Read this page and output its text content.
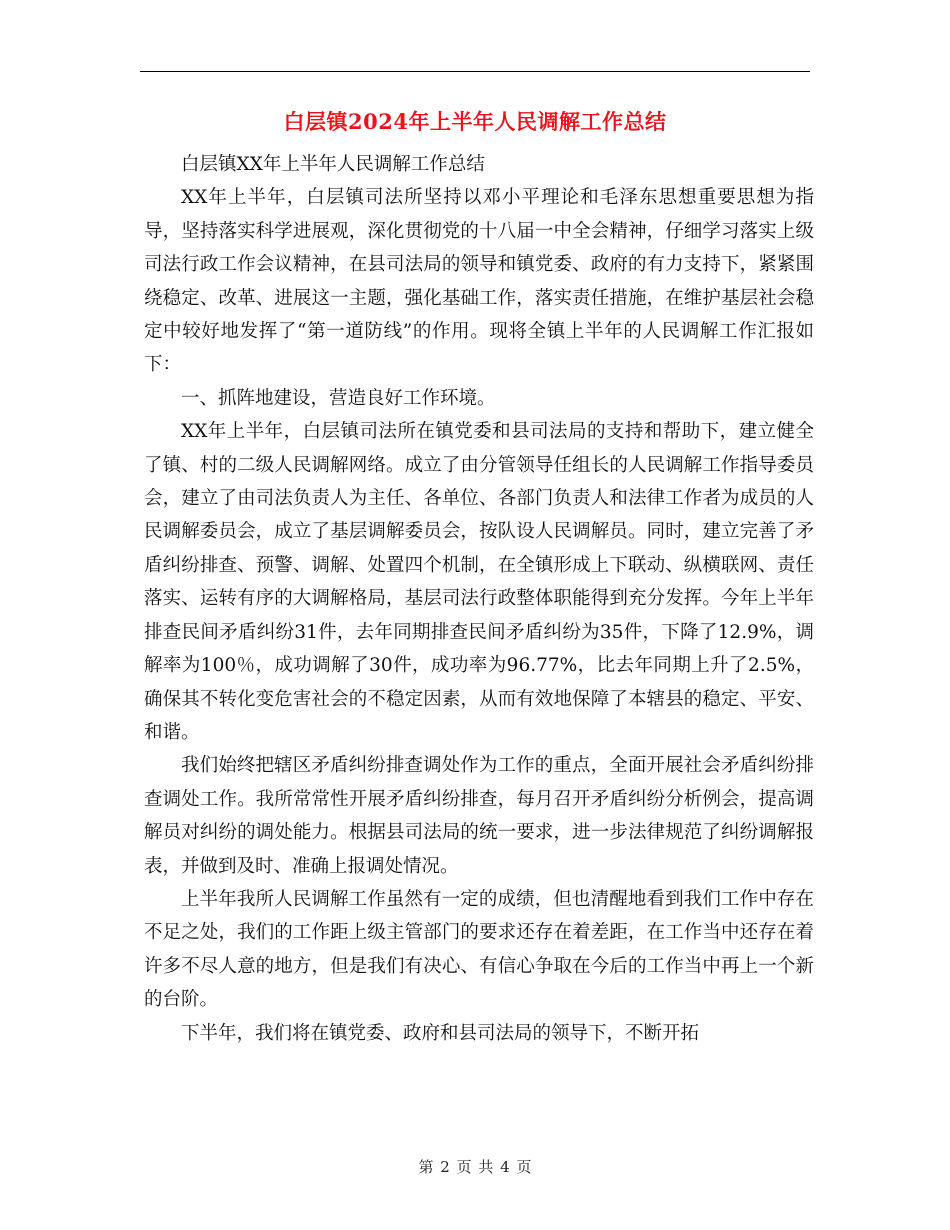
白层镇2024年上半年人民调解工作总结

白层镇XX年上半年人民调解工作总结

XX年上半年，白层镇司法所坚持以邓小平理论和毛泽东思想重要思想为指导，坚持落实科学进展观，深化贯彻党的十八届一中全会精神，仔细学习落实上级司法行政工作会议精神，在县司法局的领导和镇党委、政府的有力支持下，紧紧围绕稳定、改革、进展这一主题，强化基础工作，落实责任措施，在维护基层社会稳定中较好地发挥了“第一道防线”的作用。现将全镇上半年的人民调解工作汇报如下：

一、抓阵地建设，营造良好工作环境。

XX年上半年，白层镇司法所在镇党委和县司法局的支持和帮助下，建立健全了镇、村的二级人民调解网络。成立了由分管领导任组长的人民调解工作指导委员会，建立了由司法负责人为主任、各单位、各部门负责人和法律工作者为成员的人民调解委员会，成立了基层调解委员会，按队设人民调解员。同时，建立完善了矛盾纠纷排查、预警、调解、处置四个机制，在全镇形成上下联动、纵横联网、责任落实、运转有序的大调解格局，基层司法行政整体职能得到充分发挥。今年上半年排查民间矛盾纠纷31件，去年同期排查民间矛盾纠纷为35件，下降了12.9%，调解率为100％，成功调解了30件，成功率为96.77%，比去年同期上升了2.5%，确保其不转化变危害社会的不稳定因素，从而有效地保障了本辖县的稳定、平安、和谐。

我们始终把辖区矛盾纠纷排查调处作为工作的重点，全面开展社会矛盾纠纷排查调处工作。我所常常性开展矛盾纠纷排查，每月召开矛盾纠纷分析例会，提高调解员对纠纷的调处能力。根据县司法局的统一要求，进一步法律规范了纠纷调解报表，并做到及时、准确上报调处情况。

上半年我所人民调解工作虽然有一定的成绩，但也清醒地看到我们工作中存在不足之处，我们的工作距上级主管部门的要求还存在着差距，在工作当中还存在着许多不尽人意的地方，但是我们有决心、有信心争取在今后的工作当中再上一个新的台阶。

下半年，我们将在镇党委、政府和县司法局的领导下，不断开拓

第 2 页 共 4 页
